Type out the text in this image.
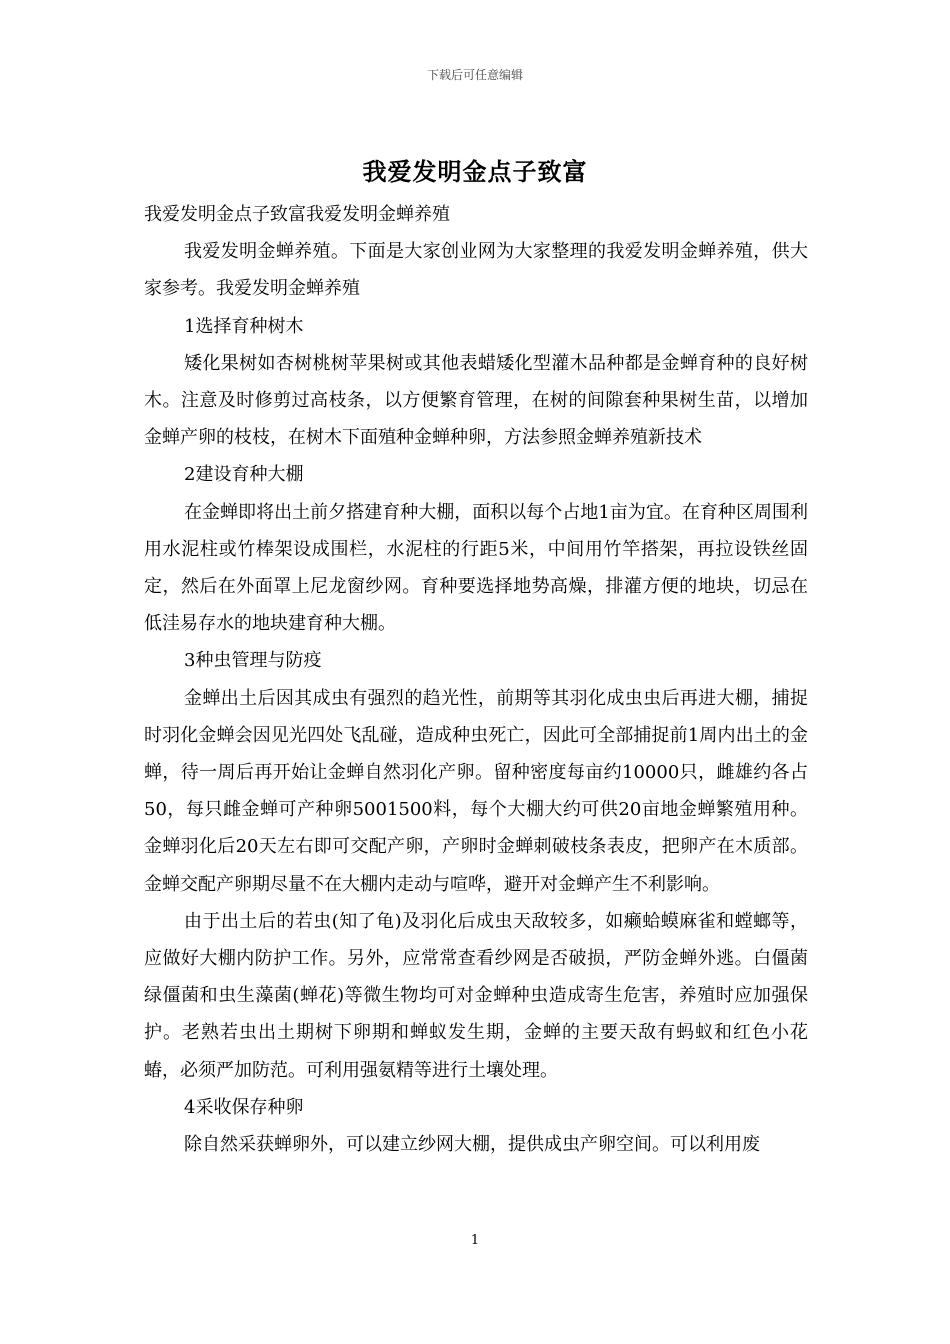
下载后可任意编辑
我爱发明金点子致富

我爱发明金点子致富我爱发明金蝉养殖

我爱发明金蝉养殖。下面是大家创业网为大家整理的我爱发明金蝉养殖，供大家参考。我爱发明金蝉养殖

1选择育种树木

矮化果树如杏树桃树苹果树或其他表蜡矮化型灌木品种都是金蝉育种的良好树木。注意及时修剪过高枝条，以方便繁育管理，在树的间隙套种果树生苗，以增加金蝉产卵的枝枝，在树木下面殖种金蝉种卵，方法参照金蝉养殖新技术

2建设育种大棚

在金蝉即将出土前夕搭建育种大棚，面积以每个占地1亩为宜。在育种区周围利用水泥柱或竹棒架设成围栏，水泥柱的行距5米，中间用竹竿搭架，再拉设铁丝固定，然后在外面罩上尼龙窗纱网。育种要选择地势高燥，排灌方便的地块，切忌在低洼易存水的地块建育种大棚。

3种虫管理与防疫

金蝉出土后因其成虫有强烈的趋光性，前期等其羽化成虫虫后再进大棚，捕捉时羽化金蝉会因见光四处飞乱碰，造成种虫死亡，因此可全部捕捉前1周内出土的金蝉，待一周后再开始让金蝉自然羽化产卵。留种密度每亩约10000只，雌雄约各占50，每只雌金蝉可产种卵5001500料，每个大棚大约可供20亩地金蝉繁殖用种。金蝉羽化后20天左右即可交配产卵，产卵时金蝉刺破枝条表皮，把卵产在木质部。金蝉交配产卵期尽量不在大棚内走动与喧哗，避开对金蝉产生不利影响。

由于出土后的若虫(知了龟)及羽化后成虫天敌较多，如癞蛤蟆麻雀和螳螂等，应做好大棚内防护工作。另外，应常常查看纱网是否破损，严防金蝉外逃。白僵菌绿僵菌和虫生藻菌(蝉花)等微生物均可对金蝉种虫造成寄生危害，养殖时应加强保护。老熟若虫出土期树下卵期和蝉蚁发生期，金蝉的主要天敌有蚂蚁和红色小花蝽，必须严加防范。可利用强氨精等进行土壤处理。

4采收保存种卵

除自然采获蝉卵外，可以建立纱网大棚，提供成虫产卵空间。可以利用废

1
